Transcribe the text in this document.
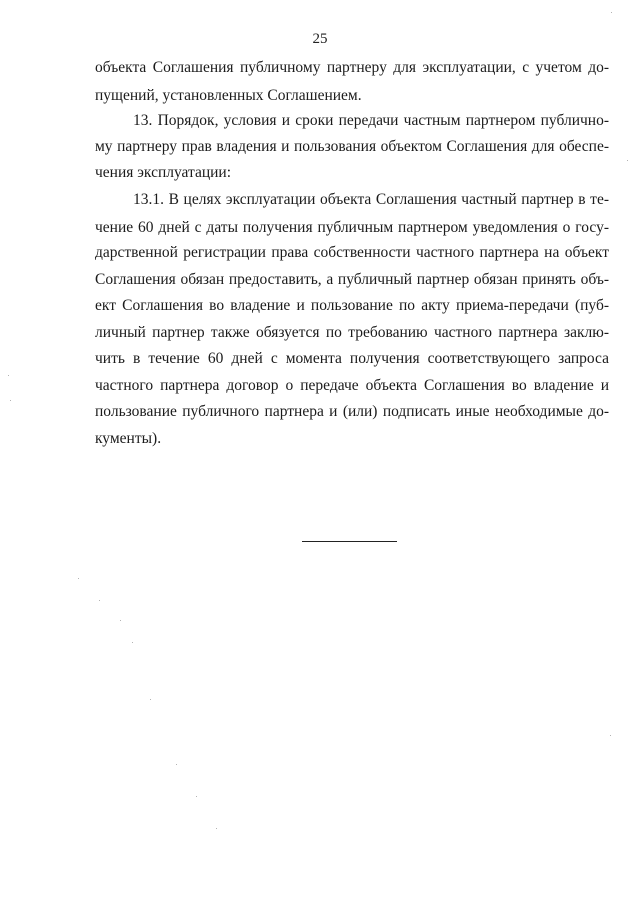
25
объекта Соглашения публичному партнеру для эксплуатации, с учетом до-
пущений, установленных Соглашением.
13. Порядок, условия и сроки передачи частным партнером публично-
му партнеру прав владения и пользования объектом Соглашения для обеспе-
чения эксплуатации:
13.1. В целях эксплуатации объекта Соглашения частный партнер в те-
чение 60 дней с даты получения публичным партнером уведомления о госу-
дарственной регистрации права собственности частного партнера на объект
Соглашения обязан предоставить, а публичный партнер обязан принять объ-
ект Соглашения во владение и пользование по акту приема-передачи (пуб-
личный партнер также обязуется по требованию частного партнера заклю-
чить в течение 60 дней с момента получения соответствующего запроса
частного партнера договор о передаче объекта Соглашения во владение и
пользование публичного партнера и (или) подписать иные необходимые до-
кументы).
